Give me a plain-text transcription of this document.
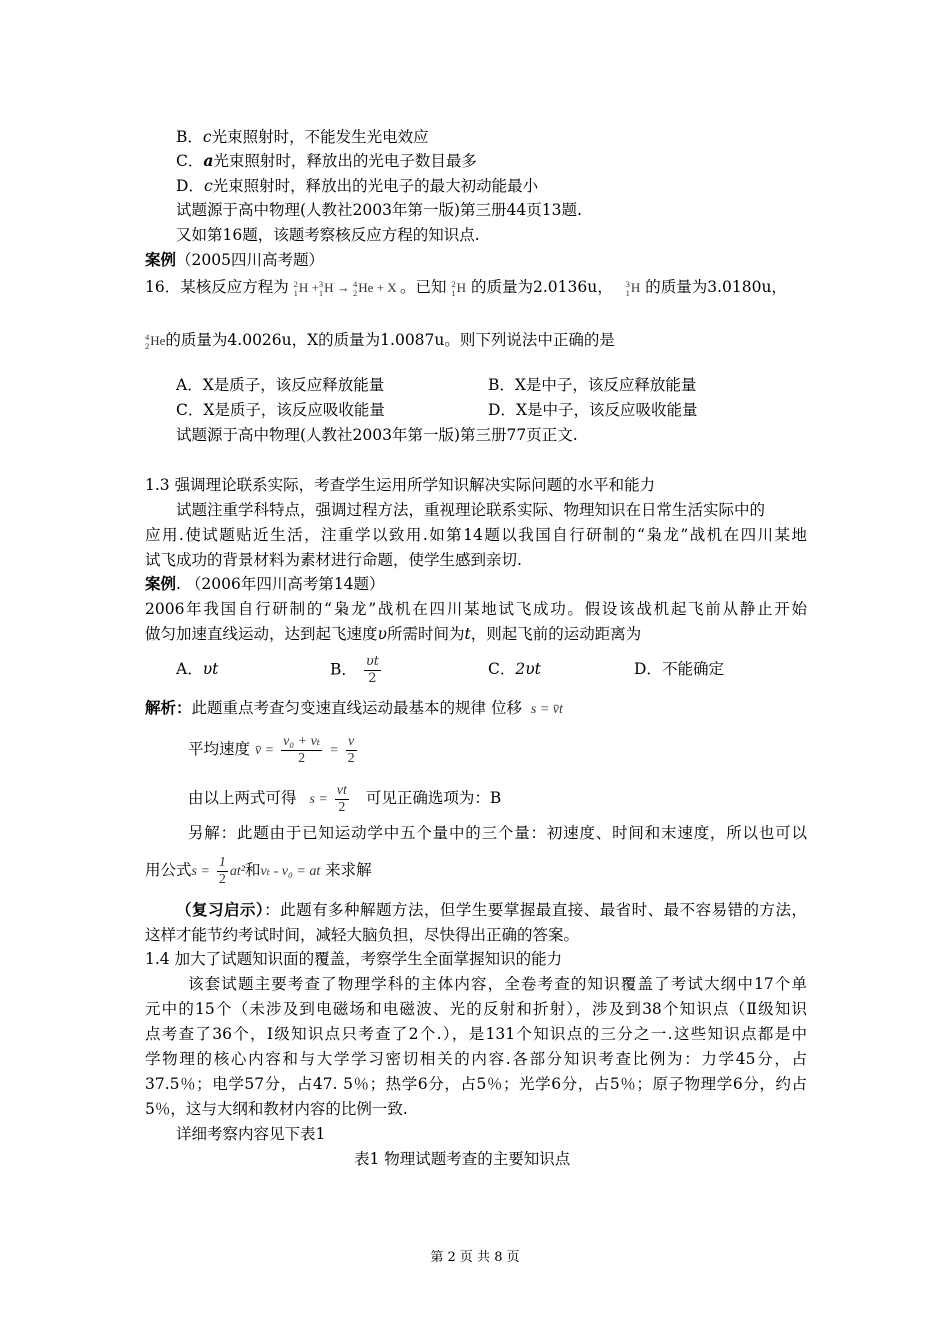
B．c光束照射时，不能发生光电效应
C．a光束照射时，释放出的光电子数目最多
D．c光束照射时，释放出的光电子的最大初动能最小
试题源于高中物理(人教社2003年第一版)第三册44页13题.
又如第16题，该题考察核反应方程的知识点.
案例（2005四川高考题）
16．某核反应方程为 2
1H +3
1H → 4
2He + X 。已知 2
1H 的质量为2.0136u， 3
1H 的质量为3.0180u，
4
2He的质量为4.0026u，X的质量为1.0087u。则下列说法中正确的是
A．X是质子，该反应释放能量	B．X是中子，该反应释放能量
C．X是质子，该反应吸收能量	D．X是中子，该反应吸收能量
试题源于高中物理(人教社2003年第一版)第三册77页正文.
1.3 强调理论联系实际，考查学生运用所学知识解决实际问题的水平和能力
试题注重学科特点，强调过程方法，重视理论联系实际、物理知识在日常生活实际中的
应用.使试题贴近生活，注重学以致用.如第14题以我国自行研制的“枭龙”战机在四川某地
试飞成功的背景材料为素材进行命题，使学生感到亲切.
案例. （2006年四川高考第14题）
2006年我国自行研制的“枭龙”战机在四川某地试飞成功。假设该战机起飞前从静止开始
做匀加速直线运动，达到起飞速度υ所需时间为t，则起飞前的运动距离为
A．υt	B． $\frac{\upsilon t}{2}$	C．2υt	D．不能确定
解析：此题重点考查匀变速直线运动最基本的规律 位移 s = v̄t
平均速度 v̄ = $\frac{\text{v₀ + vₜ}}{2} = \frac{v}{2}$
由以上两式可得 $s = \frac{vt}{2}$ 可见正确选项为：B
另解：此题由于已知运动学中五个量中的三个量：初速度、时间和末速度，所以也可以
用公式$s = \frac{1}{2} at^2$和vₜ - v₀ = at 来求解
（复习启示）：此题有多种解题方法，但学生要掌握最直接、最省时、最不容易错的方法，
这样才能节约考试时间，减轻大脑负担，尽快得出正确的答案。
1.4 加大了试题知识面的覆盖，考察学生全面掌握知识的能力
该套试题主要考查了物理学科的主体内容，全卷考查的知识覆盖了考试大纲中17个单
元中的15个（未涉及到电磁场和电磁波、光的反射和折射），涉及到38个知识点（Ⅱ级知识
点考查了36个，Ⅰ级知识点只考查了2个.），是131个知识点的三分之一.这些知识点都是中
学物理的核心内容和与大学学习密切相关的内容.各部分知识考查比例为：力学45分，占
37.5％；电学57分，占47. 5％；热学6分，占5％；光学6分，占5％；原子物理学6分，约占
5％，这与大纲和教材内容的比例一致.
详细考察内容见下表1
表1 物理试题考查的主要知识点
第 2 页 共 8 页
